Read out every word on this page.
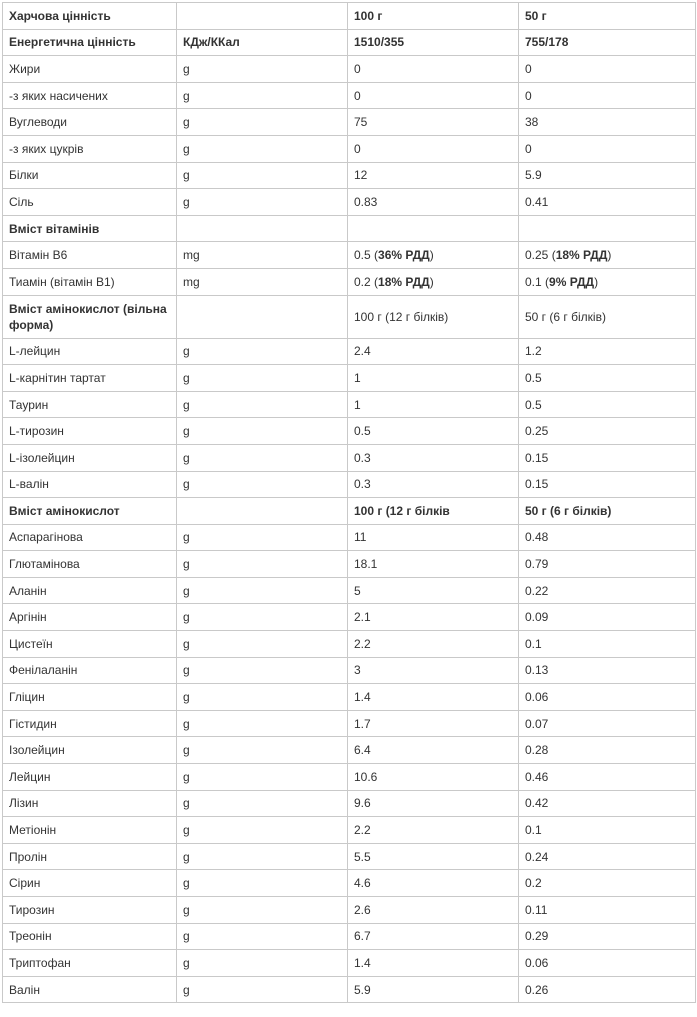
Харчова цінність		100 г	50 г
Енергетична цінність	КДж/ККал	1510/355	755/178
Жири	g	0	0
-з яких насичених	g	0	0
Вуглеводи	g	75	38
-з яких цукрів	g	0	0
Білки	g	12	5.9
Сіль	g	0.83	0.41
Вміст вітамінів			
Вітамін B6	mg	0.5 (36% РДД)	0.25 (18% РДД)
Тиамін (вітамін B1)	mg	0.2 (18% РДД)	0.1 (9% РДД)
Вміст амінокислот (вільна форма)		100 г (12 г білків)	50 г (6 г білків)
L-лейцин	g	2.4	1.2
L-карнітин тартат	g	1	0.5
Таурин	g	1	0.5
L-тирозин	g	0.5	0.25
L-ізолейцин	g	0.3	0.15
L-валін	g	0.3	0.15
Вміст амінокислот		100 г (12 г білків	50 г (6 г білків)
Аспарагінова	g	11	0.48
Глютамінова	g	18.1	0.79
Аланін	g	5	0.22
Аргінін	g	2.1	0.09
Цистеїн	g	2.2	0.1
Фенілаланін	g	3	0.13
Гліцин	g	1.4	0.06
Гістидин	g	1.7	0.07
Ізолейцин	g	6.4	0.28
Лейцин	g	10.6	0.46
Лізин	g	9.6	0.42
Метіонін	g	2.2	0.1
Пролін	g	5.5	0.24
Сірин	g	4.6	0.2
Тирозин	g	2.6	0.11
Треонін	g	6.7	0.29
Триптофан	g	1.4	0.06
Валін	g	5.9	0.26
